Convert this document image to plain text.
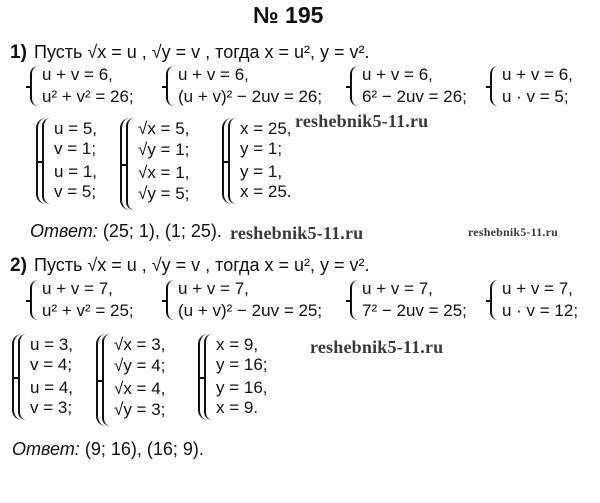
№ 195
1) Пусть √x = u , √y = v , тогда x = u², y = v².
u + v = 6,
u² + v² = 26;
u + v = 6,
(u + v)² − 2uv = 26;
u + v = 6,
6² − 2uv = 26;
u + v = 6,
u · v = 5;
u = 5,
v = 1;
u = 1,
v = 5;
√x = 5,
√y = 1;
√x = 1,
√y = 5;
x = 25,
y = 1;
y = 1,
x = 25.
reshebnik5-11.ru
Ответ: (25; 1), (1; 25). reshebnik5-11.ru	reshebnik5-11.ru
2) Пусть √x = u , √y = v , тогда x = u², y = v².
u + v = 7,
u² + v² = 25;
u + v = 7,
(u + v)² − 2uv = 25;
u + v = 7,
7² − 2uv = 25;
u + v = 7,
u · v = 12;
u = 3,
v = 4;
u = 4,
v = 3;
√x = 3,
√y = 4;
√x = 4,
√y = 3;
x = 9,
y = 16;
y = 16,
x = 9.
reshebnik5-11.ru
Ответ: (9; 16), (16; 9).
